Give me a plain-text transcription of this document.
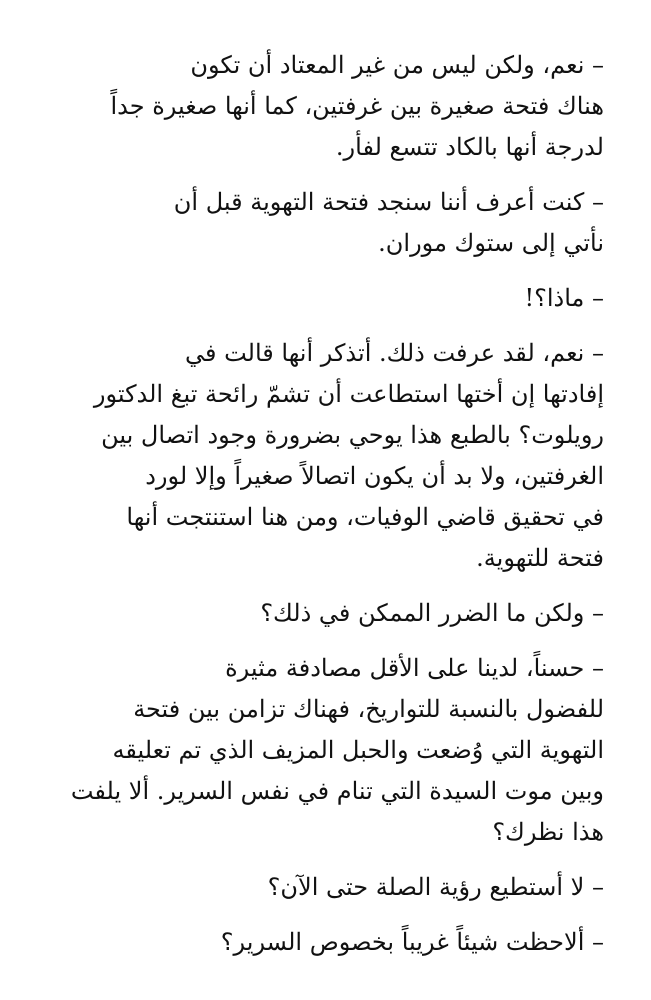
– نعم، ولكن ليس من غير المعتاد أن تكون
هناك فتحة صغيرة بين غرفتين، كما أنها صغيرة جداً
لدرجة أنها بالكاد تتسع لفأر.

– كنت أعرف أننا سنجد فتحة التهوية قبل أن
نأتي إلى ستوك موران.

– ماذا؟!

– نعم، لقد عرفت ذلك. أتذكر أنها قالت في
إفادتها إن أختها استطاعت أن تشمّ رائحة تبغ الدكتور
رويلوت؟ بالطبع هذا يوحي بضرورة وجود اتصال بين
الغرفتين، ولا بد أن يكون اتصالاً صغيراً وإلا لورد
في تحقيق قاضي الوفيات، ومن هنا استنتجت أنها
فتحة للتهوية.

– ولكن ما الضرر الممكن في ذلك؟

– حسناً، لدينا على الأقل مصادفة مثيرة
للفضول بالنسبة للتواريخ، فهناك تزامن بين فتحة
التهوية التي وُضعت والحبل المزيف الذي تم تعليقه
وبين موت السيدة التي تنام في نفس السرير. ألا يلفت
هذا نظرك؟

– لا أستطيع رؤية الصلة حتى الآن؟

– ألاحظت شيئاً غريباً بخصوص السرير؟
